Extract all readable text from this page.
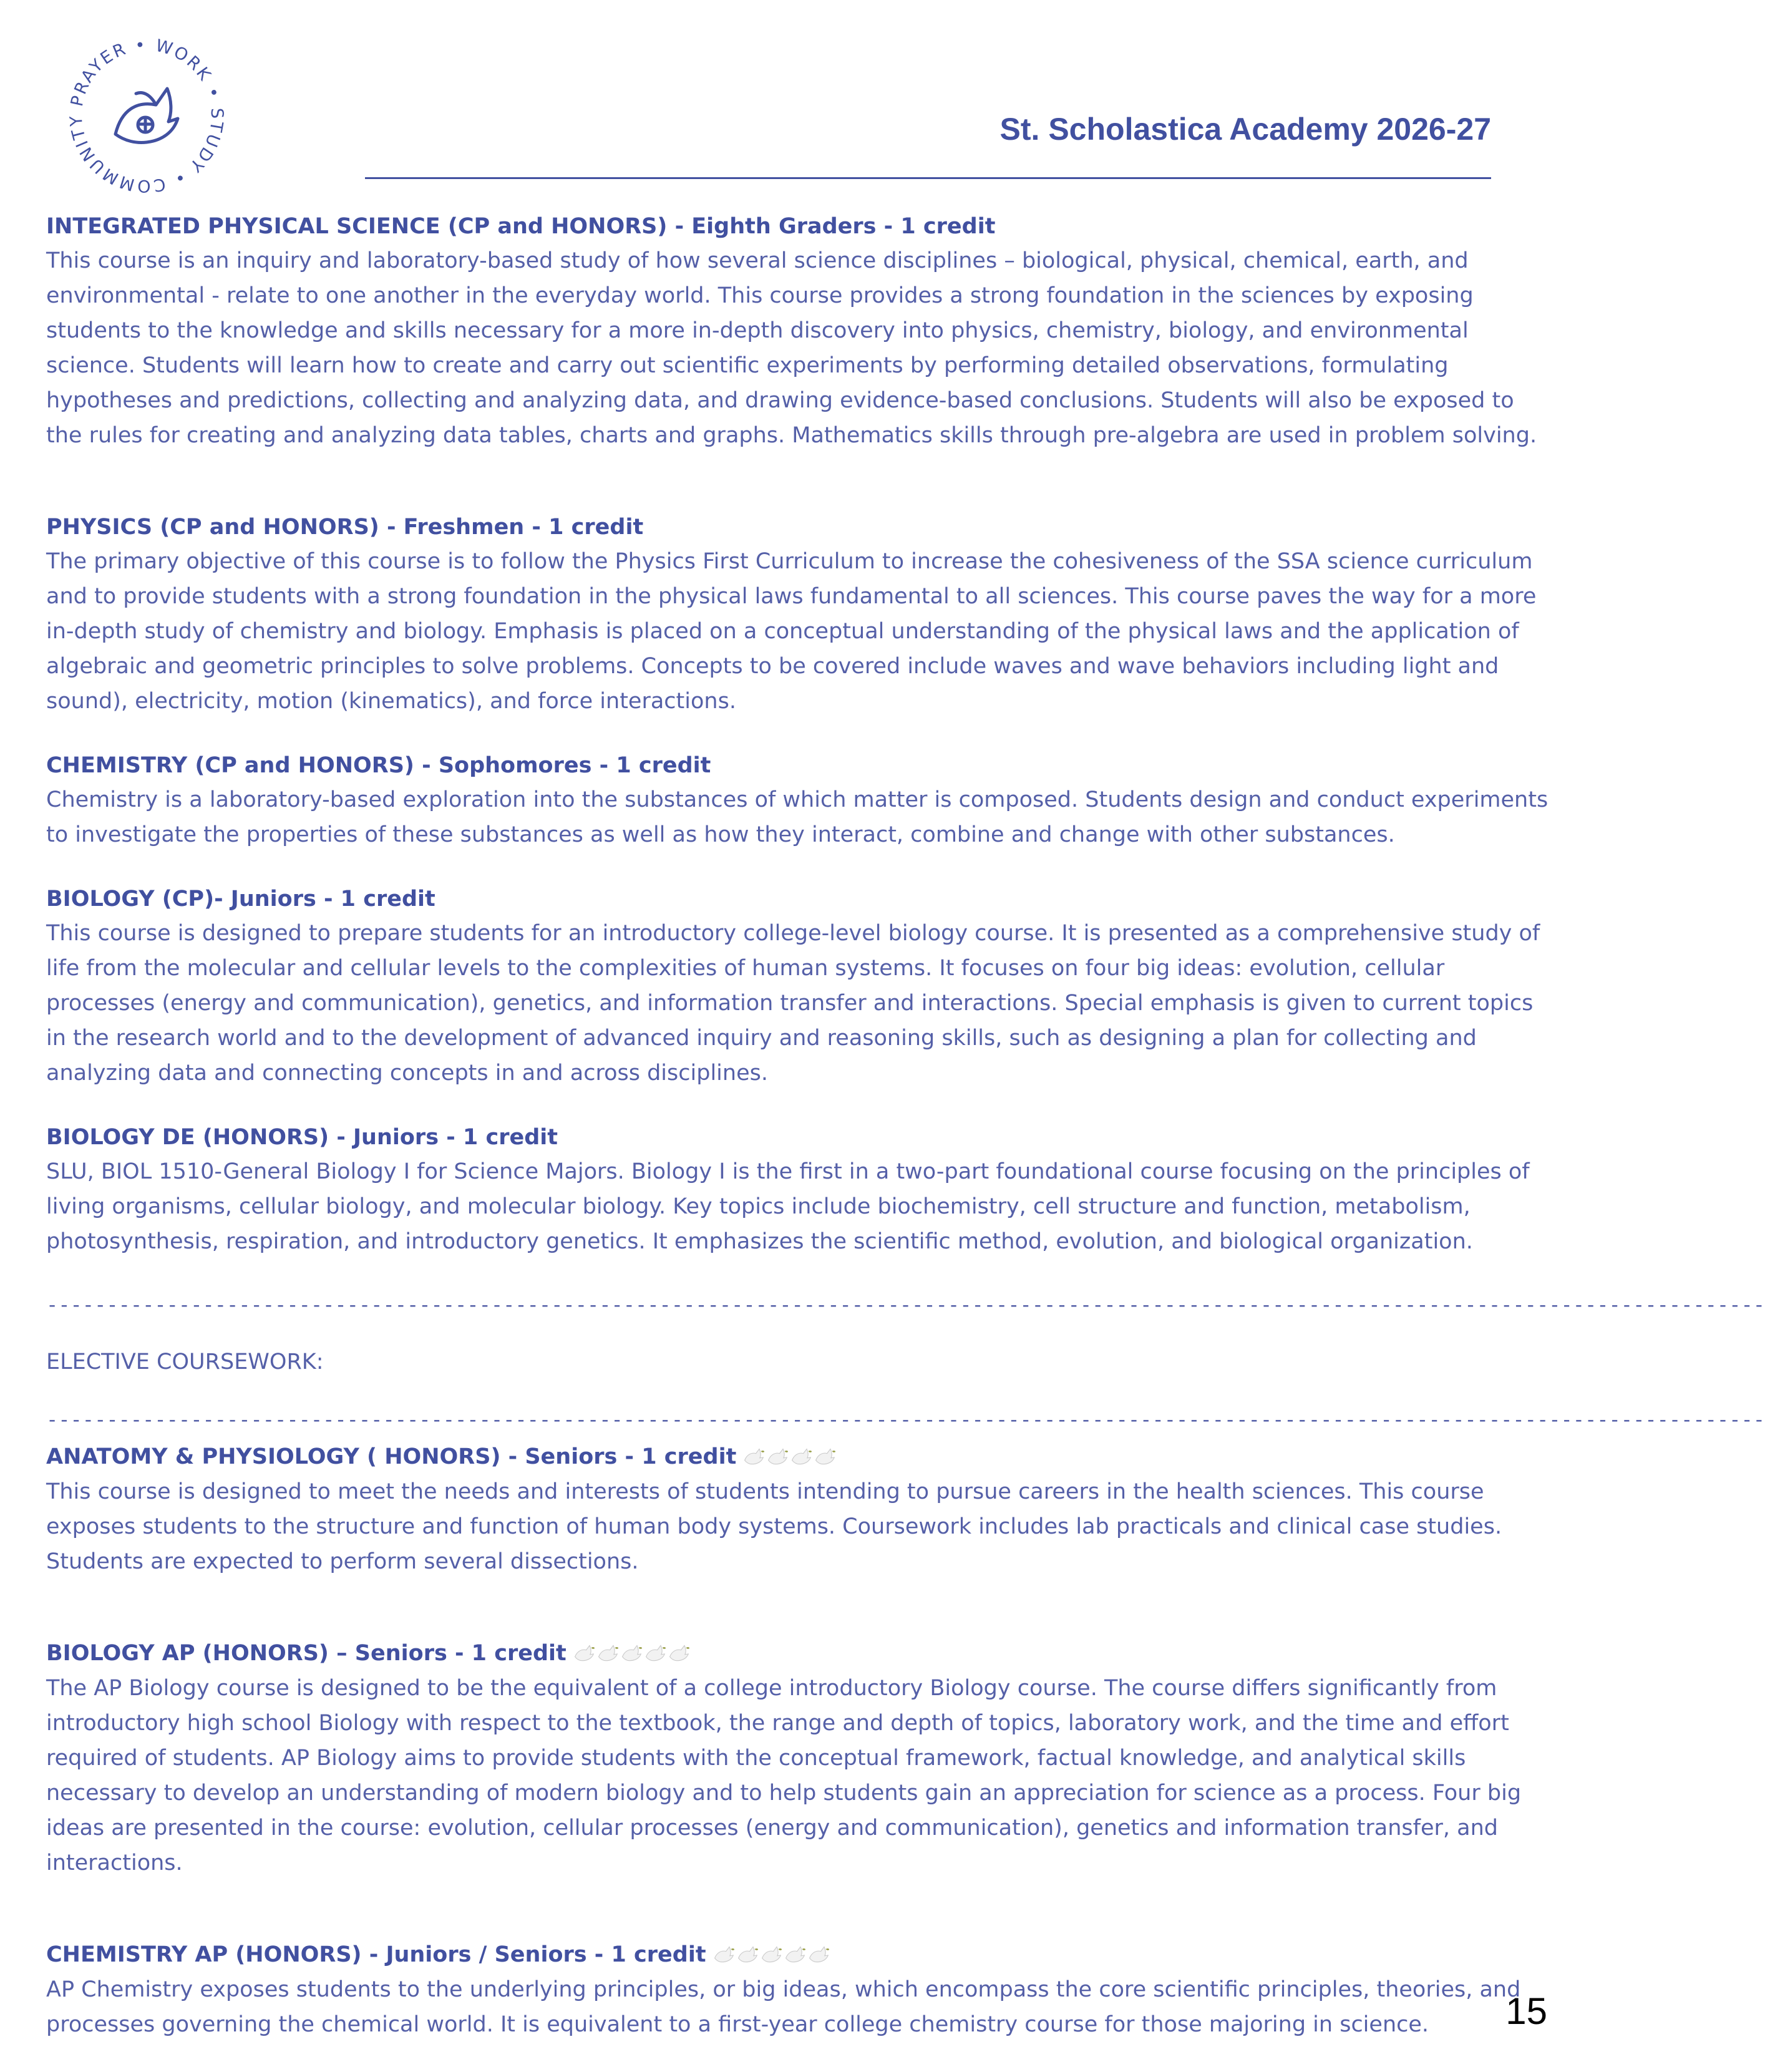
PRAYER • WORK • STUDY • COMMUNITY	St. Scholastica Academy 2026-27
INTEGRATED PHYSICAL SCIENCE (CP and HONORS) - Eighth Graders - 1 credit
This course is an inquiry and laboratory-based study of how several science disciplines – biological, physical, chemical, earth, and environmental - relate to one another in the everyday world. This course provides a strong foundation in the sciences by exposing students to the knowledge and skills necessary for a more in-depth discovery into physics, chemistry, biology, and environmental science. Students will learn how to create and carry out scientific experiments by performing detailed observations, formulating hypotheses and predictions, collecting and analyzing data, and drawing evidence-based conclusions. Students will also be exposed to the rules for creating and analyzing data tables, charts and graphs. Mathematics skills through pre-algebra are used in problem solving.
PHYSICS (CP and HONORS) - Freshmen - 1 credit
The primary objective of this course is to follow the Physics First Curriculum to increase the cohesiveness of the SSA science curriculum and to provide students with a strong foundation in the physical laws fundamental to all sciences. This course paves the way for a more in-depth study of chemistry and biology. Emphasis is placed on a conceptual understanding of the physical laws and the application of algebraic and geometric principles to solve problems. Concepts to be covered include waves and wave behaviors including light and sound), electricity, motion (kinematics), and force interactions.
CHEMISTRY (CP and HONORS) - Sophomores - 1 credit
Chemistry is a laboratory-based exploration into the substances of which matter is composed. Students design and conduct experiments to investigate the properties of these substances as well as how they interact, combine and change with other substances.
BIOLOGY (CP)- Juniors - 1 credit
This course is designed to prepare students for an introductory college-level biology course. It is presented as a comprehensive study of life from the molecular and cellular levels to the complexities of human systems. It focuses on four big ideas: evolution, cellular processes (energy and communication), genetics, and information transfer and interactions. Special emphasis is given to current topics in the research world and to the development of advanced inquiry and reasoning skills, such as designing a plan for collecting and analyzing data and connecting concepts in and across disciplines.
BIOLOGY DE (HONORS) - Juniors - 1 credit
SLU, BIOL 1510-General Biology I for Science Majors. Biology I is the first in a two-part foundational course focusing on the principles of living organisms, cellular biology, and molecular biology. Key topics include biochemistry, cell structure and function, metabolism, photosynthesis, respiration, and introductory genetics. It emphasizes the scientific method, evolution, and biological organization.
-----------------------------------------------------------------------------------------------------------------------------------------------
ELECTIVE COURSEWORK:
-----------------------------------------------------------------------------------------------------------------------------------------------
ANATOMY & PHYSIOLOGY ( HONORS) - Seniors - 1 credit
This course is designed to meet the needs and interests of students intending to pursue careers in the health sciences. This course exposes students to the structure and function of human body systems. Coursework includes lab practicals and clinical case studies. Students are expected to perform several dissections.
BIOLOGY AP (HONORS) – Seniors - 1 credit
The AP Biology course is designed to be the equivalent of a college introductory Biology course. The course differs significantly from introductory high school Biology with respect to the textbook, the range and depth of topics, laboratory work, and the time and effort required of students. AP Biology aims to provide students with the conceptual framework, factual knowledge, and analytical skills necessary to develop an understanding of modern biology and to help students gain an appreciation for science as a process. Four big ideas are presented in the course: evolution, cellular processes (energy and communication), genetics and information transfer, and interactions.
CHEMISTRY AP (HONORS) - Juniors / Seniors - 1 credit
AP Chemistry exposes students to the underlying principles, or big ideas, which encompass the core scientific principles, theories, and processes governing the chemical world. It is equivalent to a first-year college chemistry course for those majoring in science.	15
